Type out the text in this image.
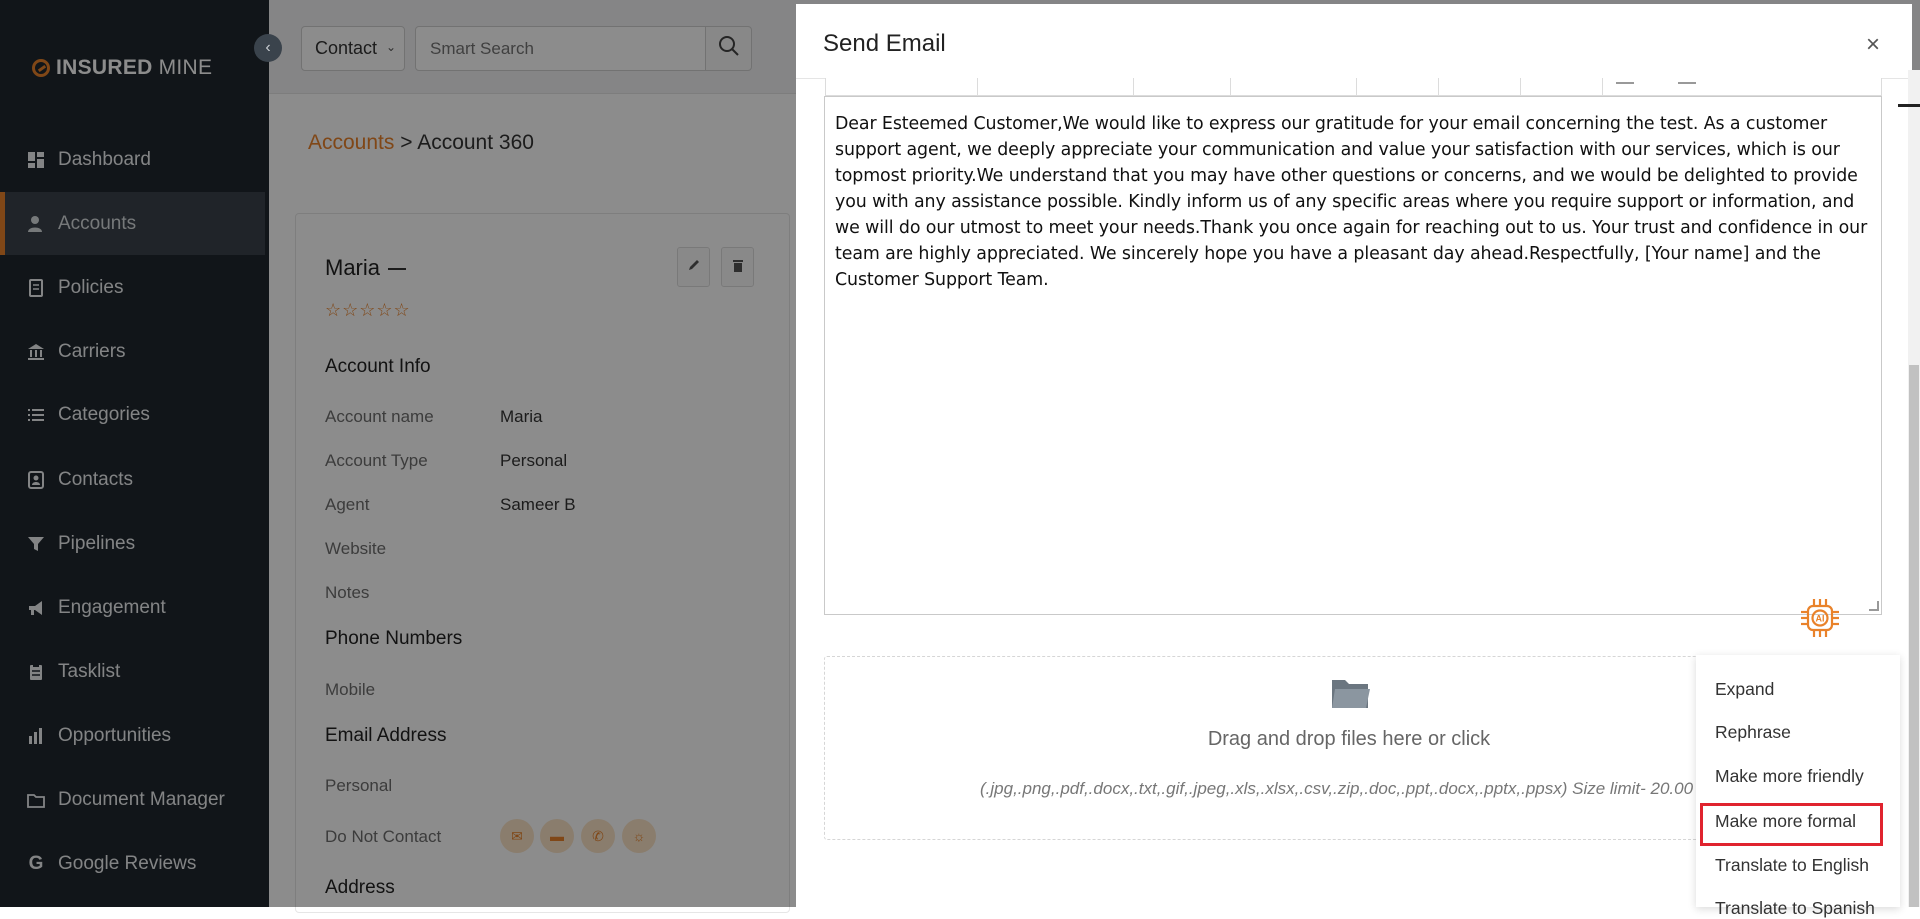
INSURED MINE
Dashboard
Accounts
Policies
Carriers
Categories
Contacts
Pipelines
Engagement
Tasklist
Opportunities
Document Manager
G Google Reviews
‹	Contact ⌄
Smart Search
Accounts > Account 360
Maria
☆☆☆☆☆
Account Info
Account name	Maria
Account Type	Personal
Agent	Sameer B
Website
Notes
Phone Numbers
Mobile
Email Address
Personal
Do Not Contact	✉ ▬ ✆ ☼
Address
Send Email	×
Dear Esteemed Customer,We would like to express our gratitude for your email concerning the test. As a customer support agent, we deeply appreciate your communication and value your satisfaction with our services, which is our topmost priority.We understand that you may have other questions or concerns, and we would be delighted to provide you with any assistance possible. Kindly inform us of any specific areas where you require support or information, and we will do our utmost to meet your needs.Thank you once again for reaching out to us. Your trust and confidence in our team are highly appreciated. We sincerely hope you have a pleasant day ahead.Respectfully, [Your name] and the Customer Support Team.
AI
Drag and drop files here or click
(.jpg,.png,.pdf,.docx,.txt,.gif,.jpeg,.xls,.xlsx,.csv,.zip,.doc,.ppt,.docx,.pptx,.ppsx) Size limit- 20.00
Expand
Rephrase
Make more friendly
Make more formal
Translate to English
Translate to Spanish
